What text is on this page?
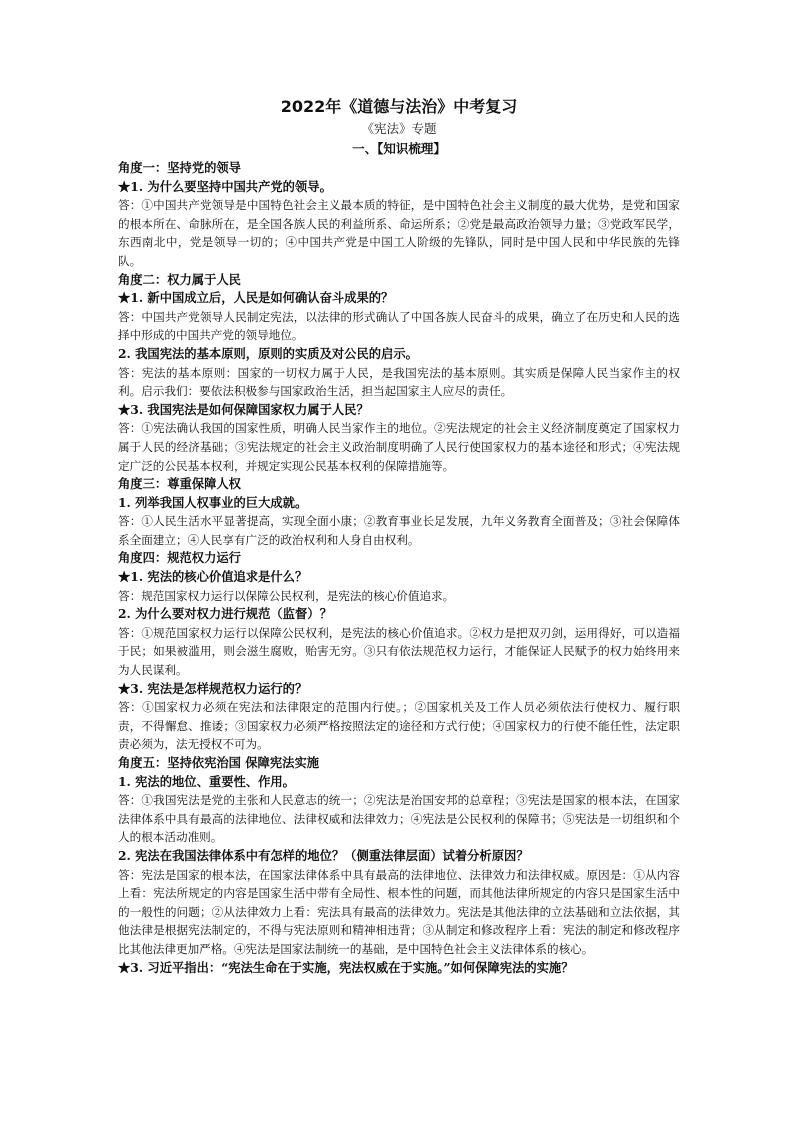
2022年《道德与法治》中考复习
《宪法》专题
一、【知识梳理】
角度一：坚持党的领导
★1. 为什么要坚持中国共产党的领导。
答：①中国共产党领导是中国特色社会主义最本质的特征，是中国特色社会主义制度的最大优势，是党和国家的根本所在、命脉所在，是全国各族人民的利益所系、命运所系；②党是最高政治领导力量；③党政军民学，东西南北中，党是领导一切的；④中国共产党是中国工人阶级的先锋队，同时是中国人民和中华民族的先锋队。
角度二：权力属于人民
★1. 新中国成立后，人民是如何确认奋斗成果的？
答：中国共产党领导人民制定宪法，以法律的形式确认了中国各族人民奋斗的成果，确立了在历史和人民的选择中形成的中国共产党的领导地位。
2. 我国宪法的基本原则，原则的实质及对公民的启示。
答：宪法的基本原则：国家的一切权力属于人民，是我国宪法的基本原则。其实质是保障人民当家作主的权利。启示我们：要依法积极参与国家政治生活，担当起国家主人应尽的责任。
★3. 我国宪法是如何保障国家权力属于人民？
答：①宪法确认我国的国家性质，明确人民当家作主的地位。②宪法规定的社会主义经济制度奠定了国家权力属于人民的经济基础；③宪法规定的社会主义政治制度明确了人民行使国家权力的基本途径和形式；④宪法规定广泛的公民基本权利，并规定实现公民基本权利的保障措施等。
角度三：尊重保障人权
1. 列举我国人权事业的巨大成就。
答：①人民生活水平显著提高，实现全面小康；②教育事业长足发展，九年义务教育全面普及；③社会保障体系全面建立；④人民享有广泛的政治权利和人身自由权利。
角度四：规范权力运行
★1. 宪法的核心价值追求是什么？
答：规范国家权力运行以保障公民权利，是宪法的核心价值追求。
2. 为什么要对权力进行规范（监督）？
答：①规范国家权力运行以保障公民权利，是宪法的核心价值追求。②权力是把双刃剑，运用得好，可以造福于民；如果被滥用，则会滋生腐败，贻害无穷。③只有依法规范权力运行，才能保证人民赋予的权力始终用来为人民谋利。
★3. 宪法是怎样规范权力运行的？
答：①国家权力必须在宪法和法律限定的范围内行使。；②国家机关及工作人员必须依法行使权力、履行职责，不得懈怠、推诿；③国家权力必须严格按照法定的途径和方式行使；④国家权力的行使不能任性，法定职责必须为，法无授权不可为。
角度五：坚持依宪治国 保障宪法实施
1. 宪法的地位、重要性、作用。
答：①我国宪法是党的主张和人民意志的统一；②宪法是治国安邦的总章程；③宪法是国家的根本法，在国家法律体系中具有最高的法律地位、法律权威和法律效力；④宪法是公民权利的保障书；⑤宪法是一切组织和个人的根本活动准则。
2. 宪法在我国法律体系中有怎样的地位？（侧重法律层面）试着分析原因？
答：宪法是国家的根本法，在国家法律体系中具有最高的法律地位、法律效力和法律权威。原因是：①从内容上看：宪法所规定的内容是国家生活中带有全局性、根本性的问题，而其他法律所规定的内容只是国家生活中的一般性的问题；②从法律效力上看：宪法具有最高的法律效力。宪法是其他法律的立法基础和立法依据，其他法律是根据宪法制定的，不得与宪法原则和精神相违背；③从制定和修改程序上看：宪法的制定和修改程序比其他法律更加严格。④宪法是国家法制统一的基础，是中国特色社会主义法律体系的核心。
★3. 习近平指出：“宪法生命在于实施，宪法权威在于实施。”如何保障宪法的实施？
